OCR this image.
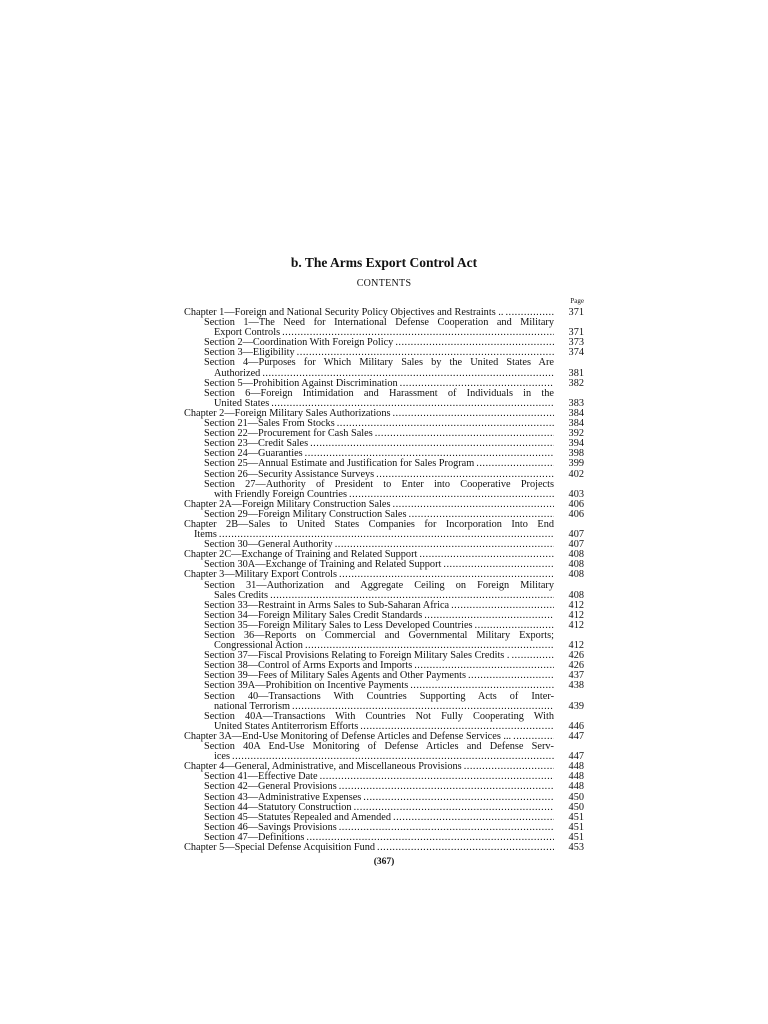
b. The Arms Export Control Act
CONTENTS
Page
Chapter 1—Foreign and National Security Policy Objectives and Restraints .. .....	371
Section 1—The Need for International Defense Cooperation and Military
Export Controls .....	371
Section 2—Coordination With Foreign Policy .....	373
Section 3—Eligibility .....	374
Section 4—Purposes for Which Military Sales by the United States Are
Authorized .....	381
Section 5—Prohibition Against Discrimination .....	382
Section 6—Foreign Intimidation and Harassment of Individuals in the
United States .....	383
Chapter 2—Foreign Military Sales Authorizations .....	384
Section 21—Sales From Stocks .....	384
Section 22—Procurement for Cash Sales .....	392
Section 23—Credit Sales .....	394
Section 24—Guaranties .....	398
Section 25—Annual Estimate and Justification for Sales Program .....	399
Section 26—Security Assistance Surveys .....	402
Section 27—Authority of President to Enter into Cooperative Projects
with Friendly Foreign Countries .....	403
Chapter 2A—Foreign Military Construction Sales .....	406
Section 29—Foreign Military Construction Sales .....	406
Chapter 2B—Sales to United States Companies for Incorporation Into End
Items .....	407
Section 30—General Authority .....	407
Chapter 2C—Exchange of Training and Related Support .....	408
Section 30A—Exchange of Training and Related Support .....	408
Chapter 3—Military Export Controls .....	408
Section 31—Authorization and Aggregate Ceiling on Foreign Military
Sales Credits .....	408
Section 33—Restraint in Arms Sales to Sub-Saharan Africa .....	412
Section 34—Foreign Military Sales Credit Standards .....	412
Section 35—Foreign Military Sales to Less Developed Countries .....	412
Section 36—Reports on Commercial and Governmental Military Exports;
Congressional Action .....	412
Section 37—Fiscal Provisions Relating to Foreign Military Sales Credits . .....	426
Section 38—Control of Arms Exports and Imports .....	426
Section 39—Fees of Military Sales Agents and Other Payments .....	437
Section 39A—Prohibition on Incentive Payments .....	438
Section 40—Transactions With Countries Supporting Acts of Inter-
national Terrorism .....	439
Section 40A—Transactions With Countries Not Fully Cooperating With
United States Antiterrorism Efforts .....	446
Chapter 3A—End-Use Monitoring of Defense Articles and Defense Services ... .....	447
Section 40A End-Use Monitoring of Defense Articles and Defense Serv-
ices .....	447
Chapter 4—General, Administrative, and Miscellaneous Provisions .....	448
Section 41—Effective Date .....	448
Section 42—General Provisions .....	448
Section 43—Administrative Expenses .....	450
Section 44—Statutory Construction .....	450
Section 45—Statutes Repealed and Amended .....	451
Section 46—Savings Provisions .....	451
Section 47—Definitions .....	451
Chapter 5—Special Defense Acquisition Fund .....	453
(367)
